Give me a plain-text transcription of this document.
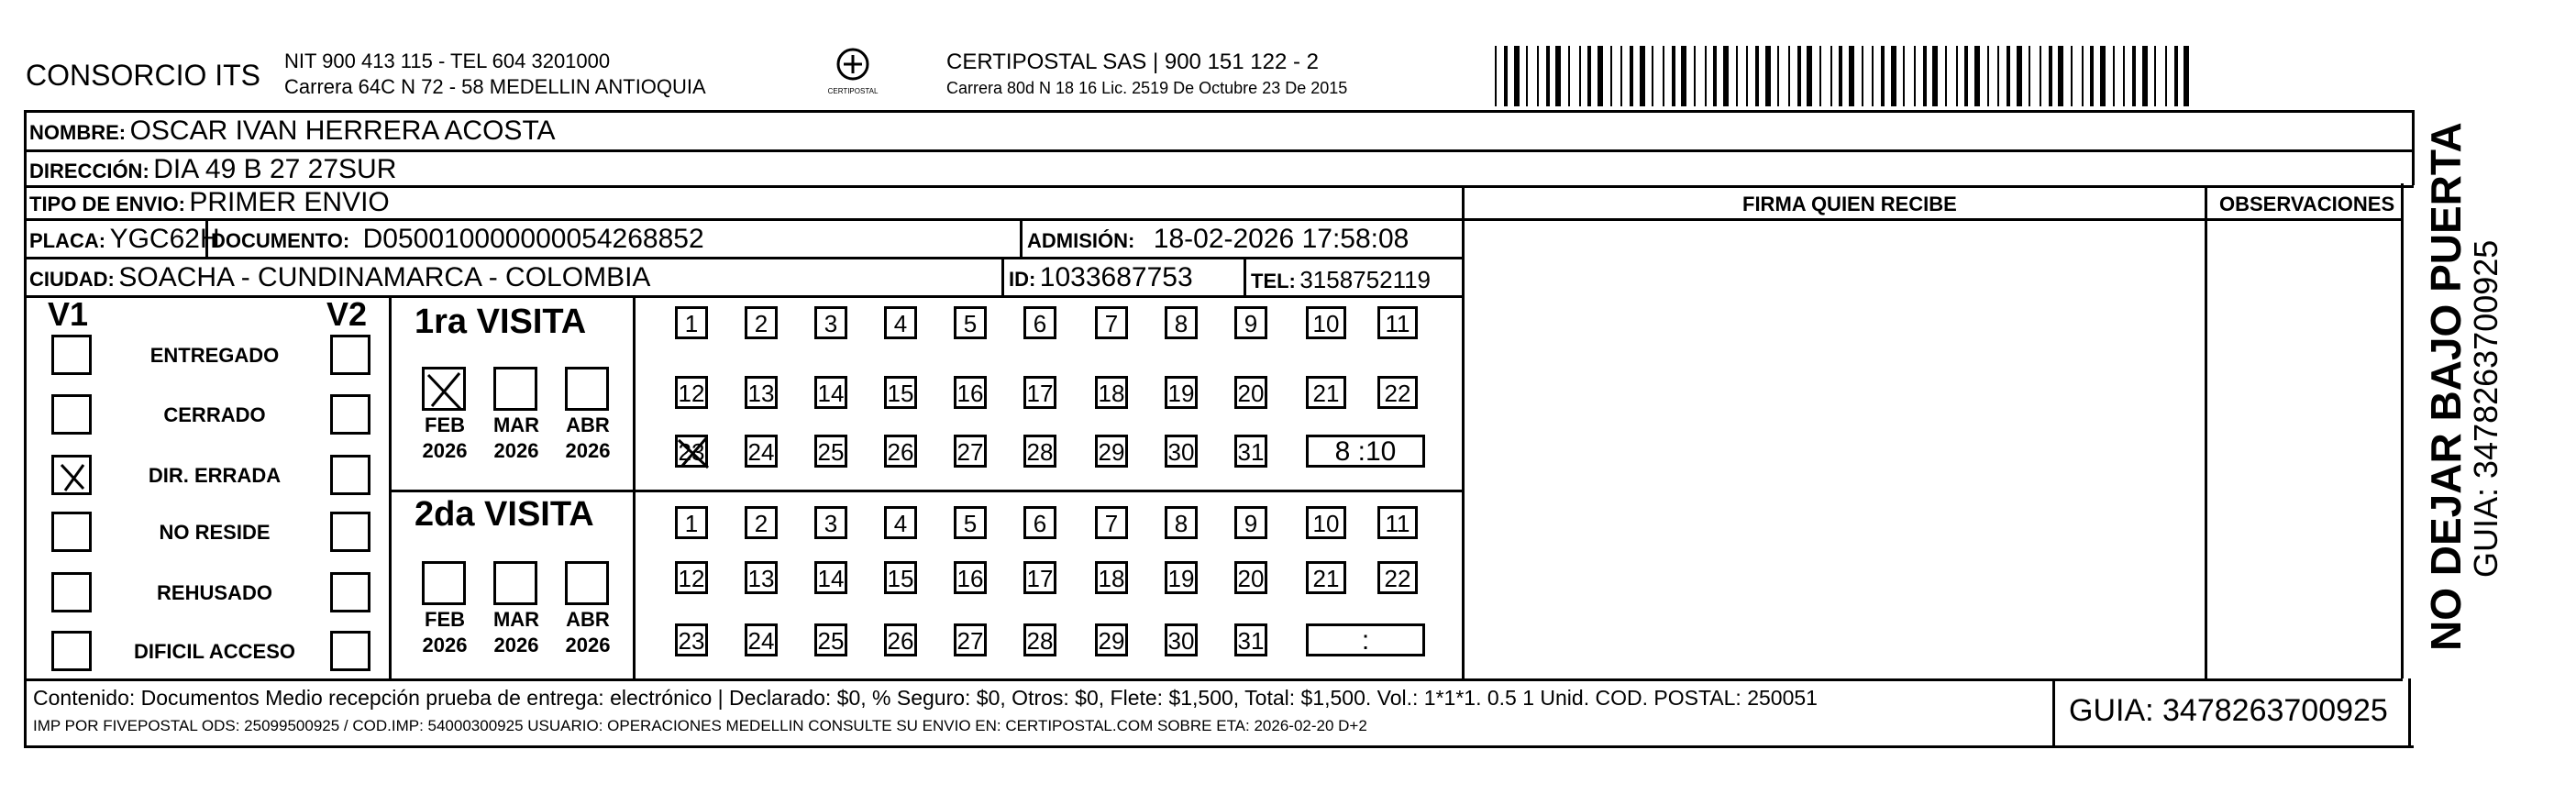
CONSORCIO ITS NIT 900 413 115 - TEL 604 3201000
Carrera 64C N 72 - 58 MEDELLIN ANTIOQUIA	CERTIPOSTAL
CERTIPOSTAL SAS | 900 151 122 - 2
Carrera 80d N 18 16 Lic. 2519 De Octubre 23 De 2015
NOMBRE: OSCAR IVAN HERRERA ACOSTA
DIRECCIÓN: DIA 49 B 27 27SUR
TIPO DE ENVIO: PRIMER ENVIO	FIRMA QUIEN RECIBE	OBSERVACIONES
PLACA: YGC62H
DOCUMENTO: D050010000000054268852	ADMISIÓN: 18-02-2026 17:58:08
CIUDAD: SOACHA - CUNDINAMARCA - COLOMBIA	ID: 1033687753	TEL: 3158752119
V1	V2
ENTREGADO
CERRADO
DIR. ERRADA
NO RESIDE
REHUSADO
DIFICIL ACCESO
1ra VISITA
2da VISITA
FEB
2026
MAR
2026
ABR
2026
FEB
2026
MAR
2026
ABR
2026
1	2	3	4	5	6	7	8	9	10	11
12 13 14 15 16 17 18 19 20 21 22
23 24 25 26 27 28 29 30 31	8 :10
1	2	3	4	5	6	7	8	9	10	11
12 13 14 15 16 17 18 19 20 21 22
23 24 25 26 27 28 29 30 31	:
Contenido: Documentos Medio recepción prueba de entrega: electrónico | Declarado: $0, % Seguro: $0, Otros: $0, Flete: $1,500, Total: $1,500. Vol.: 1*1*1. 0.5 1 Unid. COD. POSTAL: 250051
IMP POR FIVEPOSTAL ODS: 25099500925 / COD.IMP: 54000300925 USUARIO: OPERACIONES MEDELLIN CONSULTE SU ENVIO EN: CERTIPOSTAL.COM SOBRE ETA: 2026-02-20 D+2	GUIA: 3478263700925
NO DEJAR BAJO PUERTA
GUIA: 3478263700925
